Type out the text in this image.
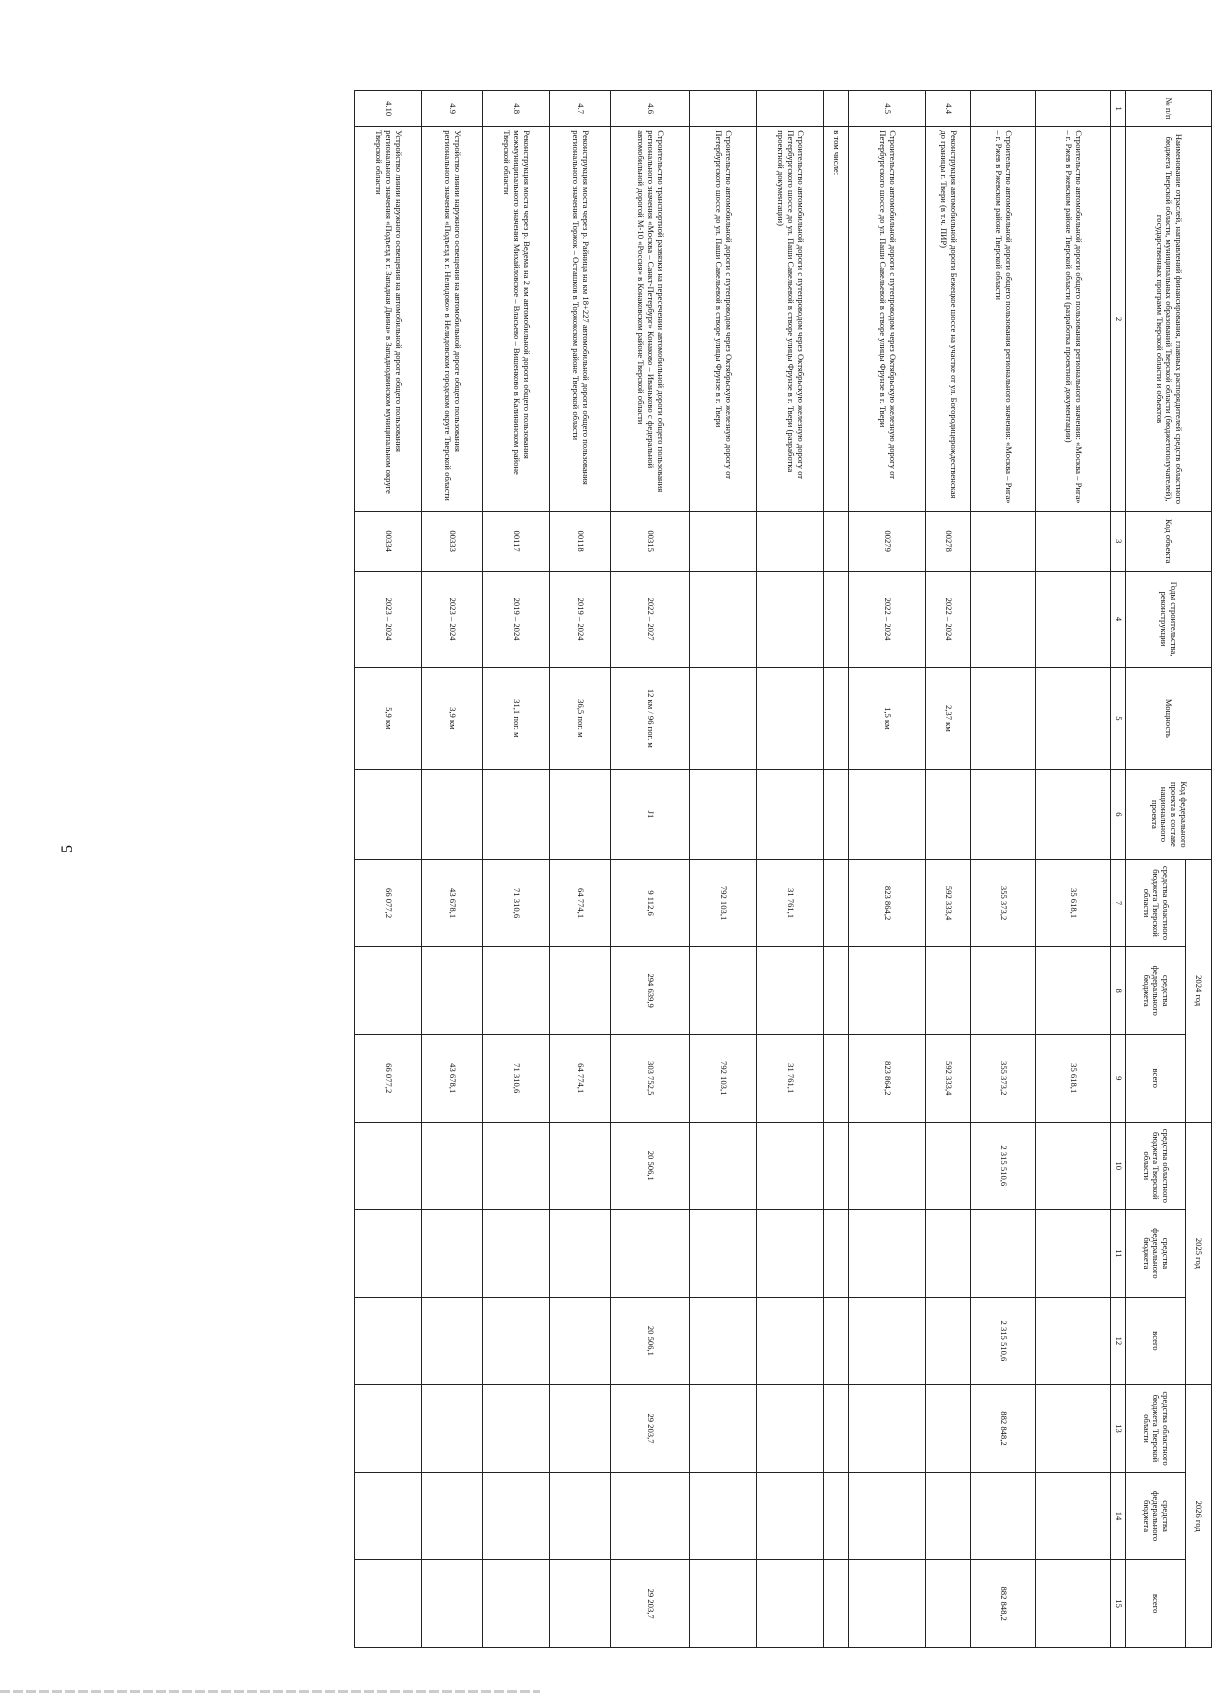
5
№ п/п	Наименование отраслей, направлений финансирования, главных распорядителей средств областного бюджета Тверской области, муниципальных образований Тверской области (бюджетополучателей), государственных программ Тверской области и объектов	Код объекта	Годы строительства, реконструкции	Мощность	Код федерального проекта в составе национального проекта	2024 год			2025 год			2026 год		
						средства областного бюджета Тверской области	средства федерального бюджета	всего	средства областного бюджета Тверской области	средства федерального бюджета	всего	средства областного бюджета Тверской области	средства федерального бюджета	всего
1	2	3	4	5	6	7	8	9	10	11	12	13	14	15
	Строительство автомобильной дороги общего пользования регионального значения: «Москва – Рига» – г. Ржев в Ржевском районе Тверской области (разработка проектной документации)					35 618,1		35 618,1						
	Строительство автомобильной дороги общего пользования регионального значения: «Москва – Рига» – г. Ржев в Ржевском районе Тверской области					355 373,2		355 373,2	2 315 510,6		2 315 510,6	882 848,2		882 848,2
4.4	Реконструкция автомобильной дороги Бежецкое шоссе на участке от ул. Богородицерождественская до границы г. Твери (в т.ч. ПИР)	00278	2022 – 2024	2,37 км		592 333,4		592 333,4						
4.5	Строительство автомобильной дороги с путепроводом через Октябрьскую железную дорогу от Петербургского шоссе до ул. Паши Савельевой в створе улицы Фрунзе в г. Твери	00279	2022 – 2024	1,5 км		823 864,2		823 864,2						
	в том числе:													
	Строительство автомобильной дороги с путепроводом через Октябрьскую железную дорогу от Петербургского шоссе до ул. Паши Савельевой в створе улицы Фрунзе в г. Твери (разработка проектной документации)					31 761,1		31 761,1						
	Строительство автомобильной дороги с путепроводом через Октябрьскую железную дорогу от Петербургского шоссе до ул. Паши Савельевой в створе улицы Фрунзе в г. Твери					792 103,1		792 103,1						
4.6	Строительство транспортной развязки на пересечении автомобильной дороги общего пользования регионального значения «Москва – Санкт-Петербург» Конаково – Иваньково с федеральной автомобильной дорогой М-10 «Россия» в Конаковском районе Тверской области	00315	2022 – 2027	12 км / 96 пог. м	J1	9 112,6	294 639,9	303 752,5	20 506,1		20 506,1	29 203,7		29 203,7
4.7	Реконструкция моста через р. Райница на км 18+227 автомобильной дороги общего пользования регионального значения Торжок – Осташков в Торжокском районе Тверской области	00118	2019 – 2024	36,5 пог. м		64 774,1		64 774,1						
4.8	Реконструкция моста через р. Ведема на 2 км автомобильной дороги общего пользования межмуниципального значения Михайловское – Власьево – Вишенково в Калининском районе Тверской области	00117	2019 – 2024	31,1 пог. м		71 310,6		71 310,6						
4.9	Устройство линии наружного освещения на автомобильной дороге общего пользования регионального значения «Подъезд к г. Нелидово» в Нелидовском городском округе Тверской области	00333	2023 – 2024	3,9 км		43 678,1		43 678,1						
4.10	Устройство линии наружного освещения на автомобильной дороге общего пользования регионального значения «Подъезд к г. Западная Двина» в Западнодвинском муниципальном округе Тверской области	00334	2023 – 2024	5,9 км		66 077,2		66 077,2						
